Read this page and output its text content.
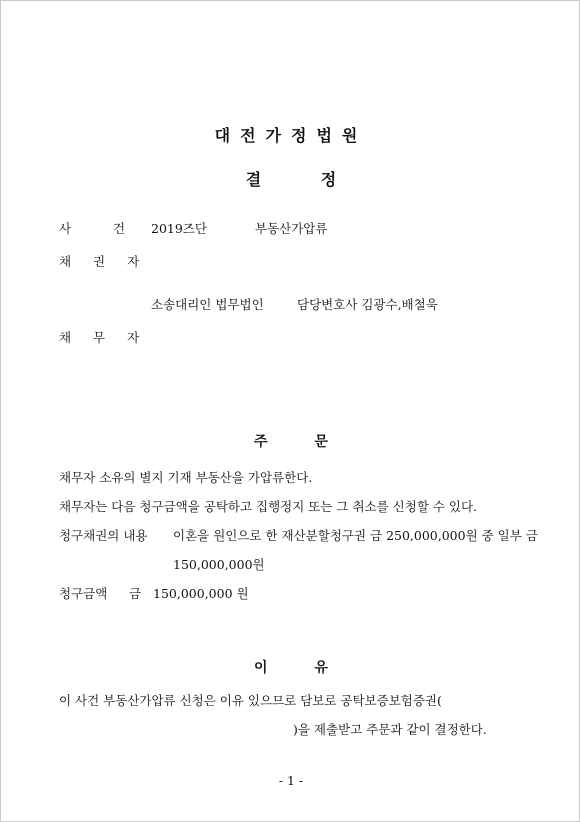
대전가정법원
결 정
사	건 2019즈단	부동산가압류
채 권 자
소송대리인 법무법인	담당변호사 김광수,배철욱
채 무 자
주 문
채무자 소유의 별지 기재 부동산을 가압류한다.
채무자는 다음 청구금액을 공탁하고 집행정지 또는 그 취소를 신청할 수 있다.
청구채권의 내용 이혼을 원인으로 한 재산분할청구권 금 250,000,000원 중 일부 금
150,000,000원
청구금액 금 150,000,000 원
이 유
이 사건 부동산가압류 신청은 이유 있으므로 담보로 공탁보증보험증권(
)을 제출받고 주문과 같이 결정한다.
- 1 -
